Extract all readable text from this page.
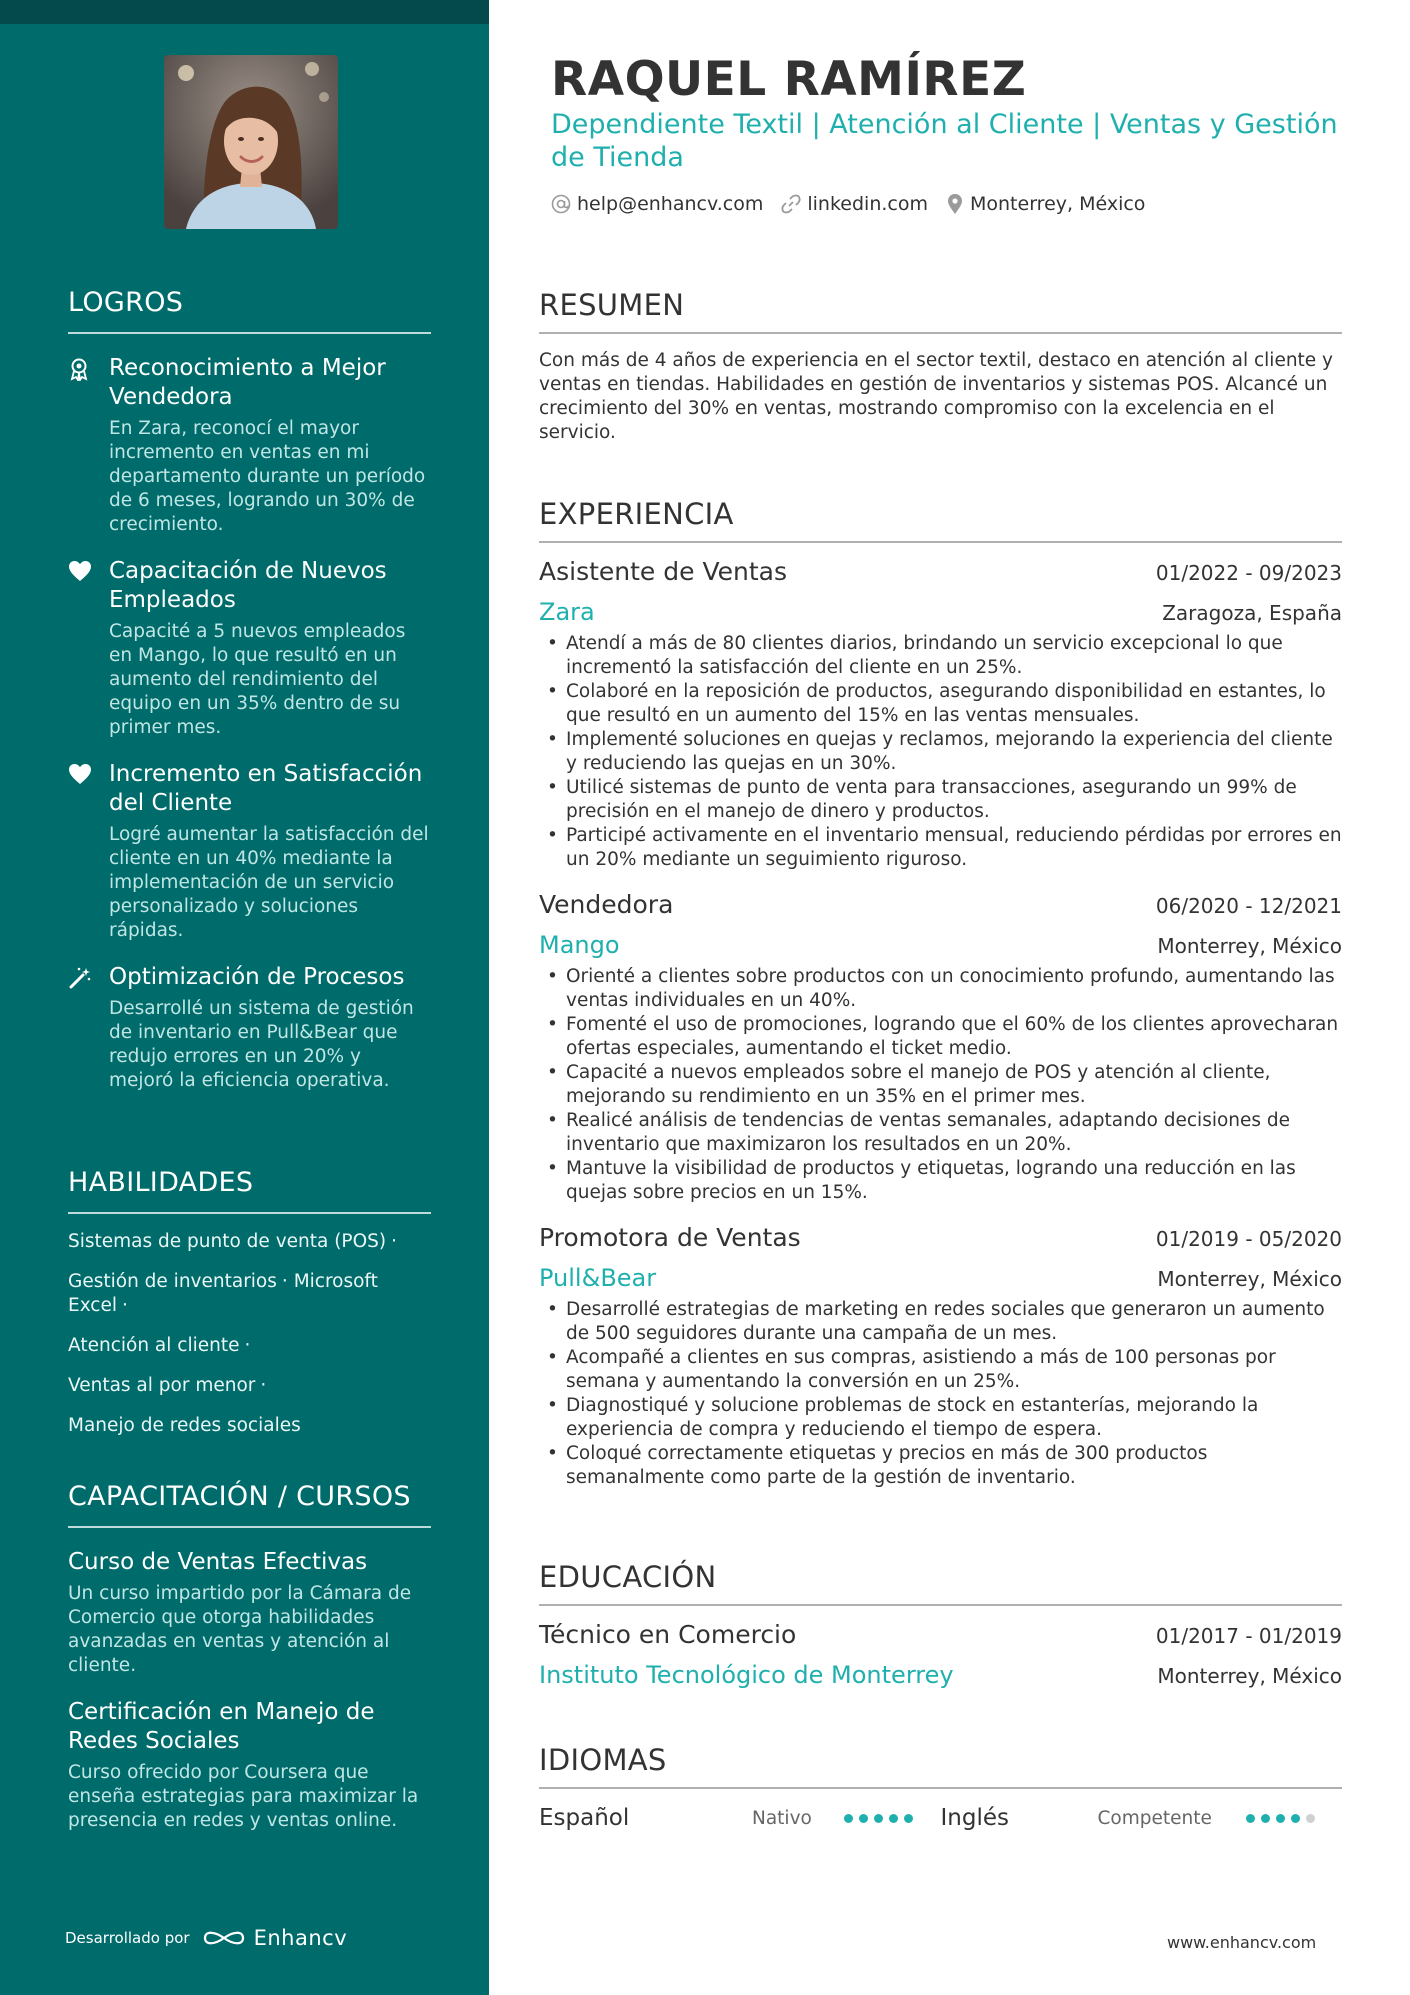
LOGROS
Reconocimiento a Mejor Vendedora
En Zara, reconocí el mayor incremento en ventas en mi departamento durante un período de 6 meses, logrando un 30% de crecimiento.
Capacitación de Nuevos Empleados
Capacité a 5 nuevos empleados en Mango, lo que resultó en un aumento del rendimiento del equipo en un 35% dentro de su primer mes.
Incremento en Satisfacción del Cliente
Logré aumentar la satisfacción del cliente en un 40% mediante la implementación de un servicio personalizado y soluciones rápidas.
Optimización de Procesos
Desarrollé un sistema de gestión de inventario en Pull&Bear que redujo errores en un 20% y mejoró la eficiencia operativa.
HABILIDADES
Sistemas de punto de venta (POS) ·
Gestión de inventarios · Microsoft Excel ·
Atención al cliente ·
Ventas al por menor ·
Manejo de redes sociales
CAPACITACIÓN / CURSOS
Curso de Ventas Efectivas
Un curso impartido por la Cámara de Comercio que otorga habilidades avanzadas en ventas y atención al cliente.
Certificación en Manejo de Redes Sociales
Curso ofrecido por Coursera que enseña estrategias para maximizar la presencia en redes y ventas online.
Desarrollado por	Enhancv
RAQUEL RAMÍREZ
Dependiente Textil | Atención al Cliente | Ventas y Gestión de Tienda
help@enhancv.com linkedin.com Monterrey, México
RESUMEN
Con más de 4 años de experiencia en el sector textil, destaco en atención al cliente y ventas en tiendas. Habilidades en gestión de inventarios y sistemas POS. Alcancé un crecimiento del 30% en ventas, mostrando compromiso con la excelencia en el servicio.
EXPERIENCIA
Asistente de Ventas	01/2022 - 09/2023
Zara	Zaragoza, España
• Atendí a más de 80 clientes diarios, brindando un servicio excepcional lo que incrementó la satisfacción del cliente en un 25%.
• Colaboré en la reposición de productos, asegurando disponibilidad en estantes, lo que resultó en un aumento del 15% en las ventas mensuales.
• Implementé soluciones en quejas y reclamos, mejorando la experiencia del cliente y reduciendo las quejas en un 30%.
• Utilicé sistemas de punto de venta para transacciones, asegurando un 99% de precisión en el manejo de dinero y productos.
• Participé activamente en el inventario mensual, reduciendo pérdidas por errores en un 20% mediante un seguimiento riguroso.
Vendedora	06/2020 - 12/2021
Mango	Monterrey, México
• Orienté a clientes sobre productos con un conocimiento profundo, aumentando las ventas individuales en un 40%.
• Fomenté el uso de promociones, logrando que el 60% de los clientes aprovecharan ofertas especiales, aumentando el ticket medio.
• Capacité a nuevos empleados sobre el manejo de POS y atención al cliente, mejorando su rendimiento en un 35% en el primer mes.
• Realicé análisis de tendencias de ventas semanales, adaptando decisiones de inventario que maximizaron los resultados en un 20%.
• Mantuve la visibilidad de productos y etiquetas, logrando una reducción en las quejas sobre precios en un 15%.
Promotora de Ventas	01/2019 - 05/2020
Pull&Bear	Monterrey, México
• Desarrollé estrategias de marketing en redes sociales que generaron un aumento de 500 seguidores durante una campaña de un mes.
• Acompañé a clientes en sus compras, asistiendo a más de 100 personas por semana y aumentando la conversión en un 25%.
• Diagnostiqué y solucione problemas de stock en estanterías, mejorando la experiencia de compra y reduciendo el tiempo de espera.
• Coloqué correctamente etiquetas y precios en más de 300 productos semanalmente como parte de la gestión de inventario.
EDUCACIÓN
Técnico en Comercio	01/2017 - 01/2019
Instituto Tecnológico de Monterrey	Monterrey, México
IDIOMAS
Español	Nativo	Inglés	Competente
www.enhancv.com
